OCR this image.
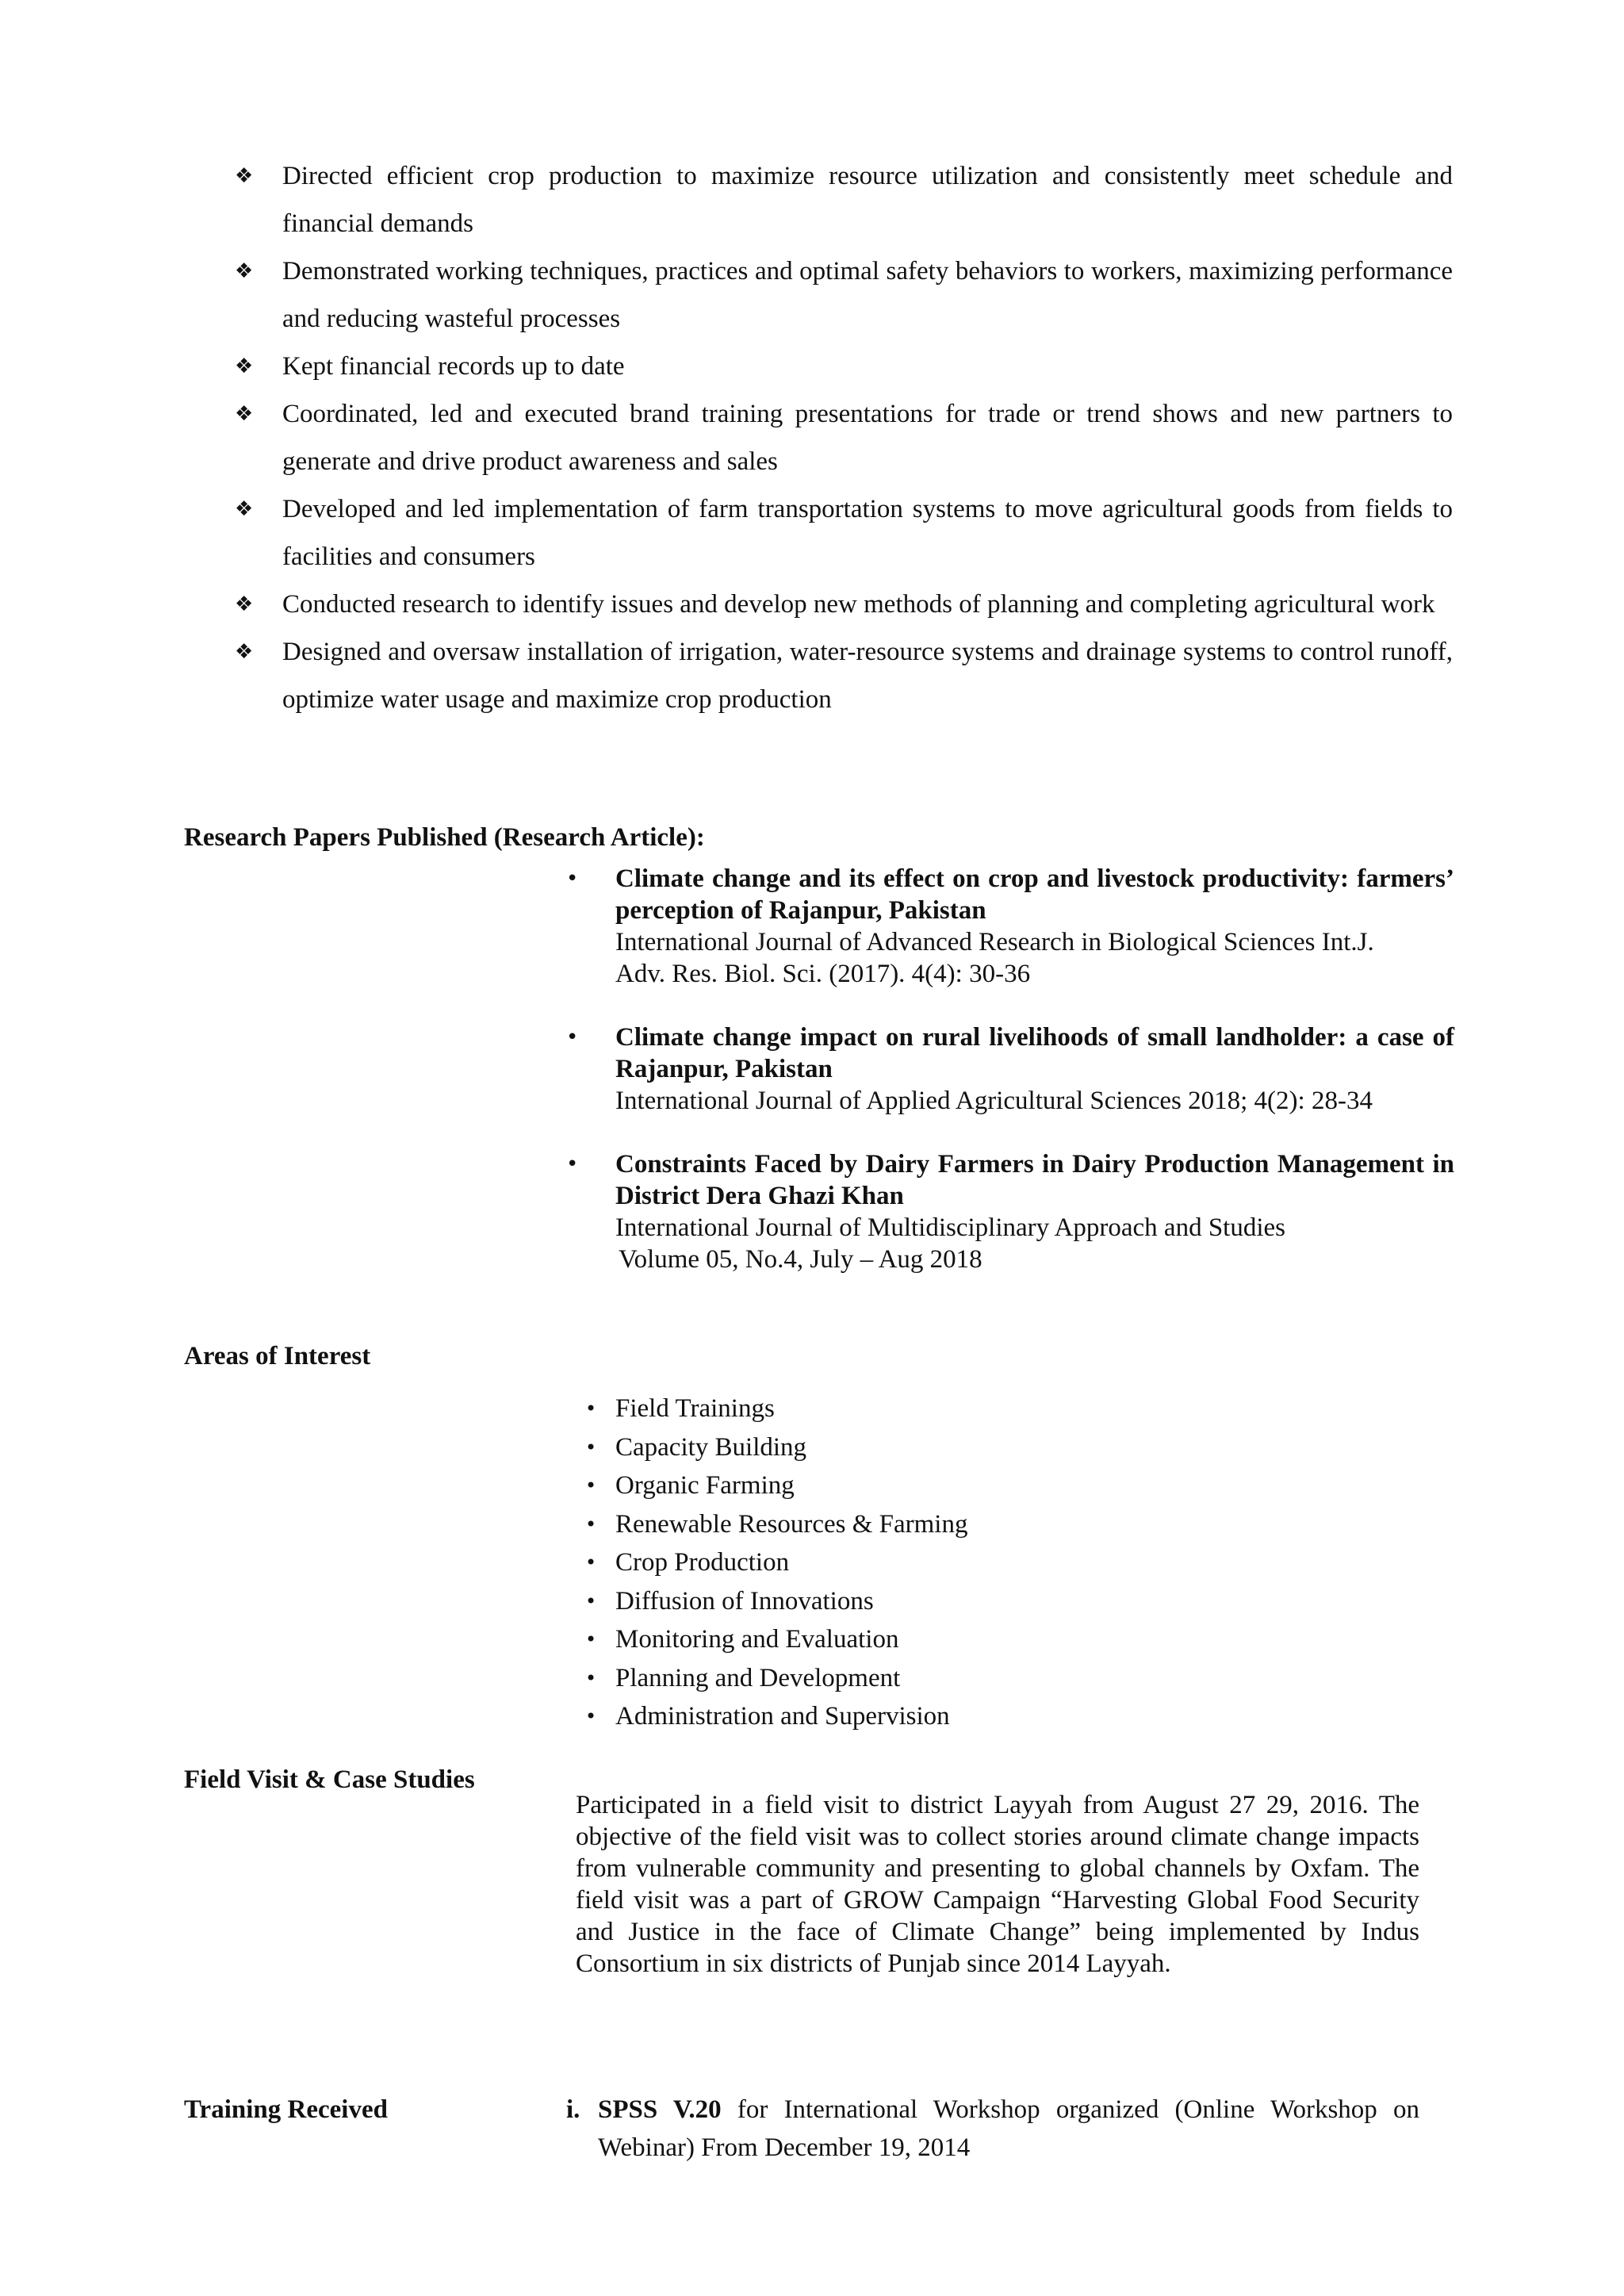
❖ Directed efficient crop production to maximize resource utilization and consistently meet schedule and financial demands
❖ Demonstrated working techniques, practices and optimal safety behaviors to workers, maximizing performance and reducing wasteful processes
❖ Kept financial records up to date
❖ Coordinated, led and executed brand training presentations for trade or trend shows and new partners to generate and drive product awareness and sales
❖ Developed and led implementation of farm transportation systems to move agricultural goods from fields to facilities and consumers
❖ Conducted research to identify issues and develop new methods of planning and completing agricultural work
❖ Designed and oversaw installation of irrigation, water-resource systems and drainage systems to control runoff, optimize water usage and maximize crop production
Research Papers Published (Research Article):
• Climate change and its effect on crop and livestock productivity: farmers’ perception of Rajanpur, Pakistan
International Journal of Advanced Research in Biological Sciences Int.J.
Adv. Res. Biol. Sci. (2017). 4(4): 30-36
• Climate change impact on rural livelihoods of small landholder: a case of Rajanpur, Pakistan
International Journal of Applied Agricultural Sciences 2018; 4(2): 28-34
• Constraints Faced by Dairy Farmers in Dairy Production Management in District Dera Ghazi Khan
International Journal of Multidisciplinary Approach and Studies
Volume 05, No.4, July – Aug 2018
Areas of Interest
• Field Trainings
• Capacity Building
• Organic Farming
• Renewable Resources & Farming
• Crop Production
• Diffusion of Innovations
• Monitoring and Evaluation
• Planning and Development
• Administration and Supervision
Field Visit & Case Studies

Participated in a field visit to district Layyah from August 27 29, 2016. The objective of the field visit was to collect stories around climate change impacts from vulnerable community and presenting to global channels by Oxfam. The field visit was a part of GROW Campaign “Harvesting Global Food Security and Justice in the face of Climate Change” being implemented by Indus Consortium in six districts of Punjab since 2014 Layyah.

Training Received	i. SPSS V.20 for International Workshop organized (Online Workshop on Webinar) From December 19, 2014
